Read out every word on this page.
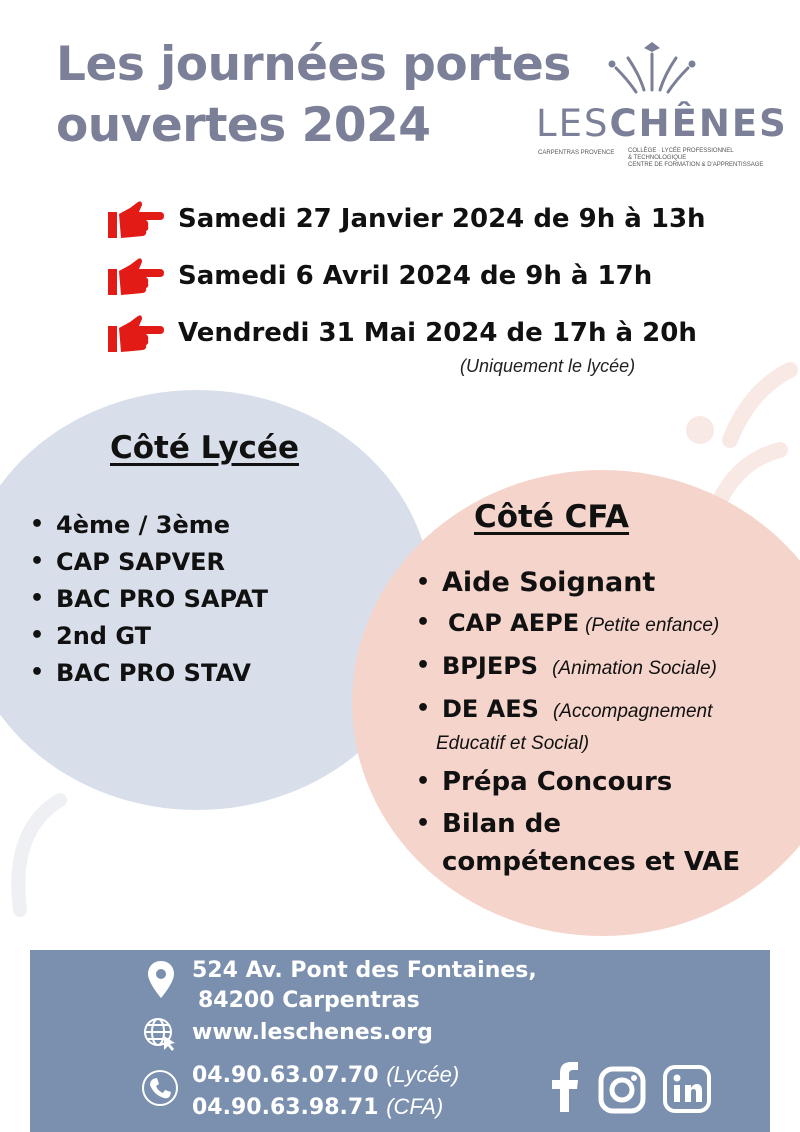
Les journées portes
ouvertes 2024	LESCHÊNES
CARPENTRAS PROVENCE COLLÈGE · LYCÉE PROFESSIONNEL
& TECHNOLOGIQUE
CENTRE DE FORMATION & D'APPRENTISSAGE
Samedi 27 Janvier 2024 de 9h à 13h
Samedi 6 Avril 2024 de 9h à 17h
Vendredi 31 Mai 2024 de 17h à 20h
(Uniquement le lycée)
Côté Lycée
• 4ème / 3ème
• CAP SAPVER
• BAC PRO SAPAT
• 2nd GT
• BAC PRO STAV
Côté CFA
• Aide Soignant
• CAP AEPE (Petite enfance)
• BPJEPS (Animation Sociale)
• DE AES (Accompagnement
Educatif et Social)
• Prépa Concours
• Bilan de compétences et VAE
524 Av. Pont des Fontaines,
84200 Carpentras
www.leschenes.org
04.90.63.07.70 (Lycée)
04.90.63.98.71 (CFA)
